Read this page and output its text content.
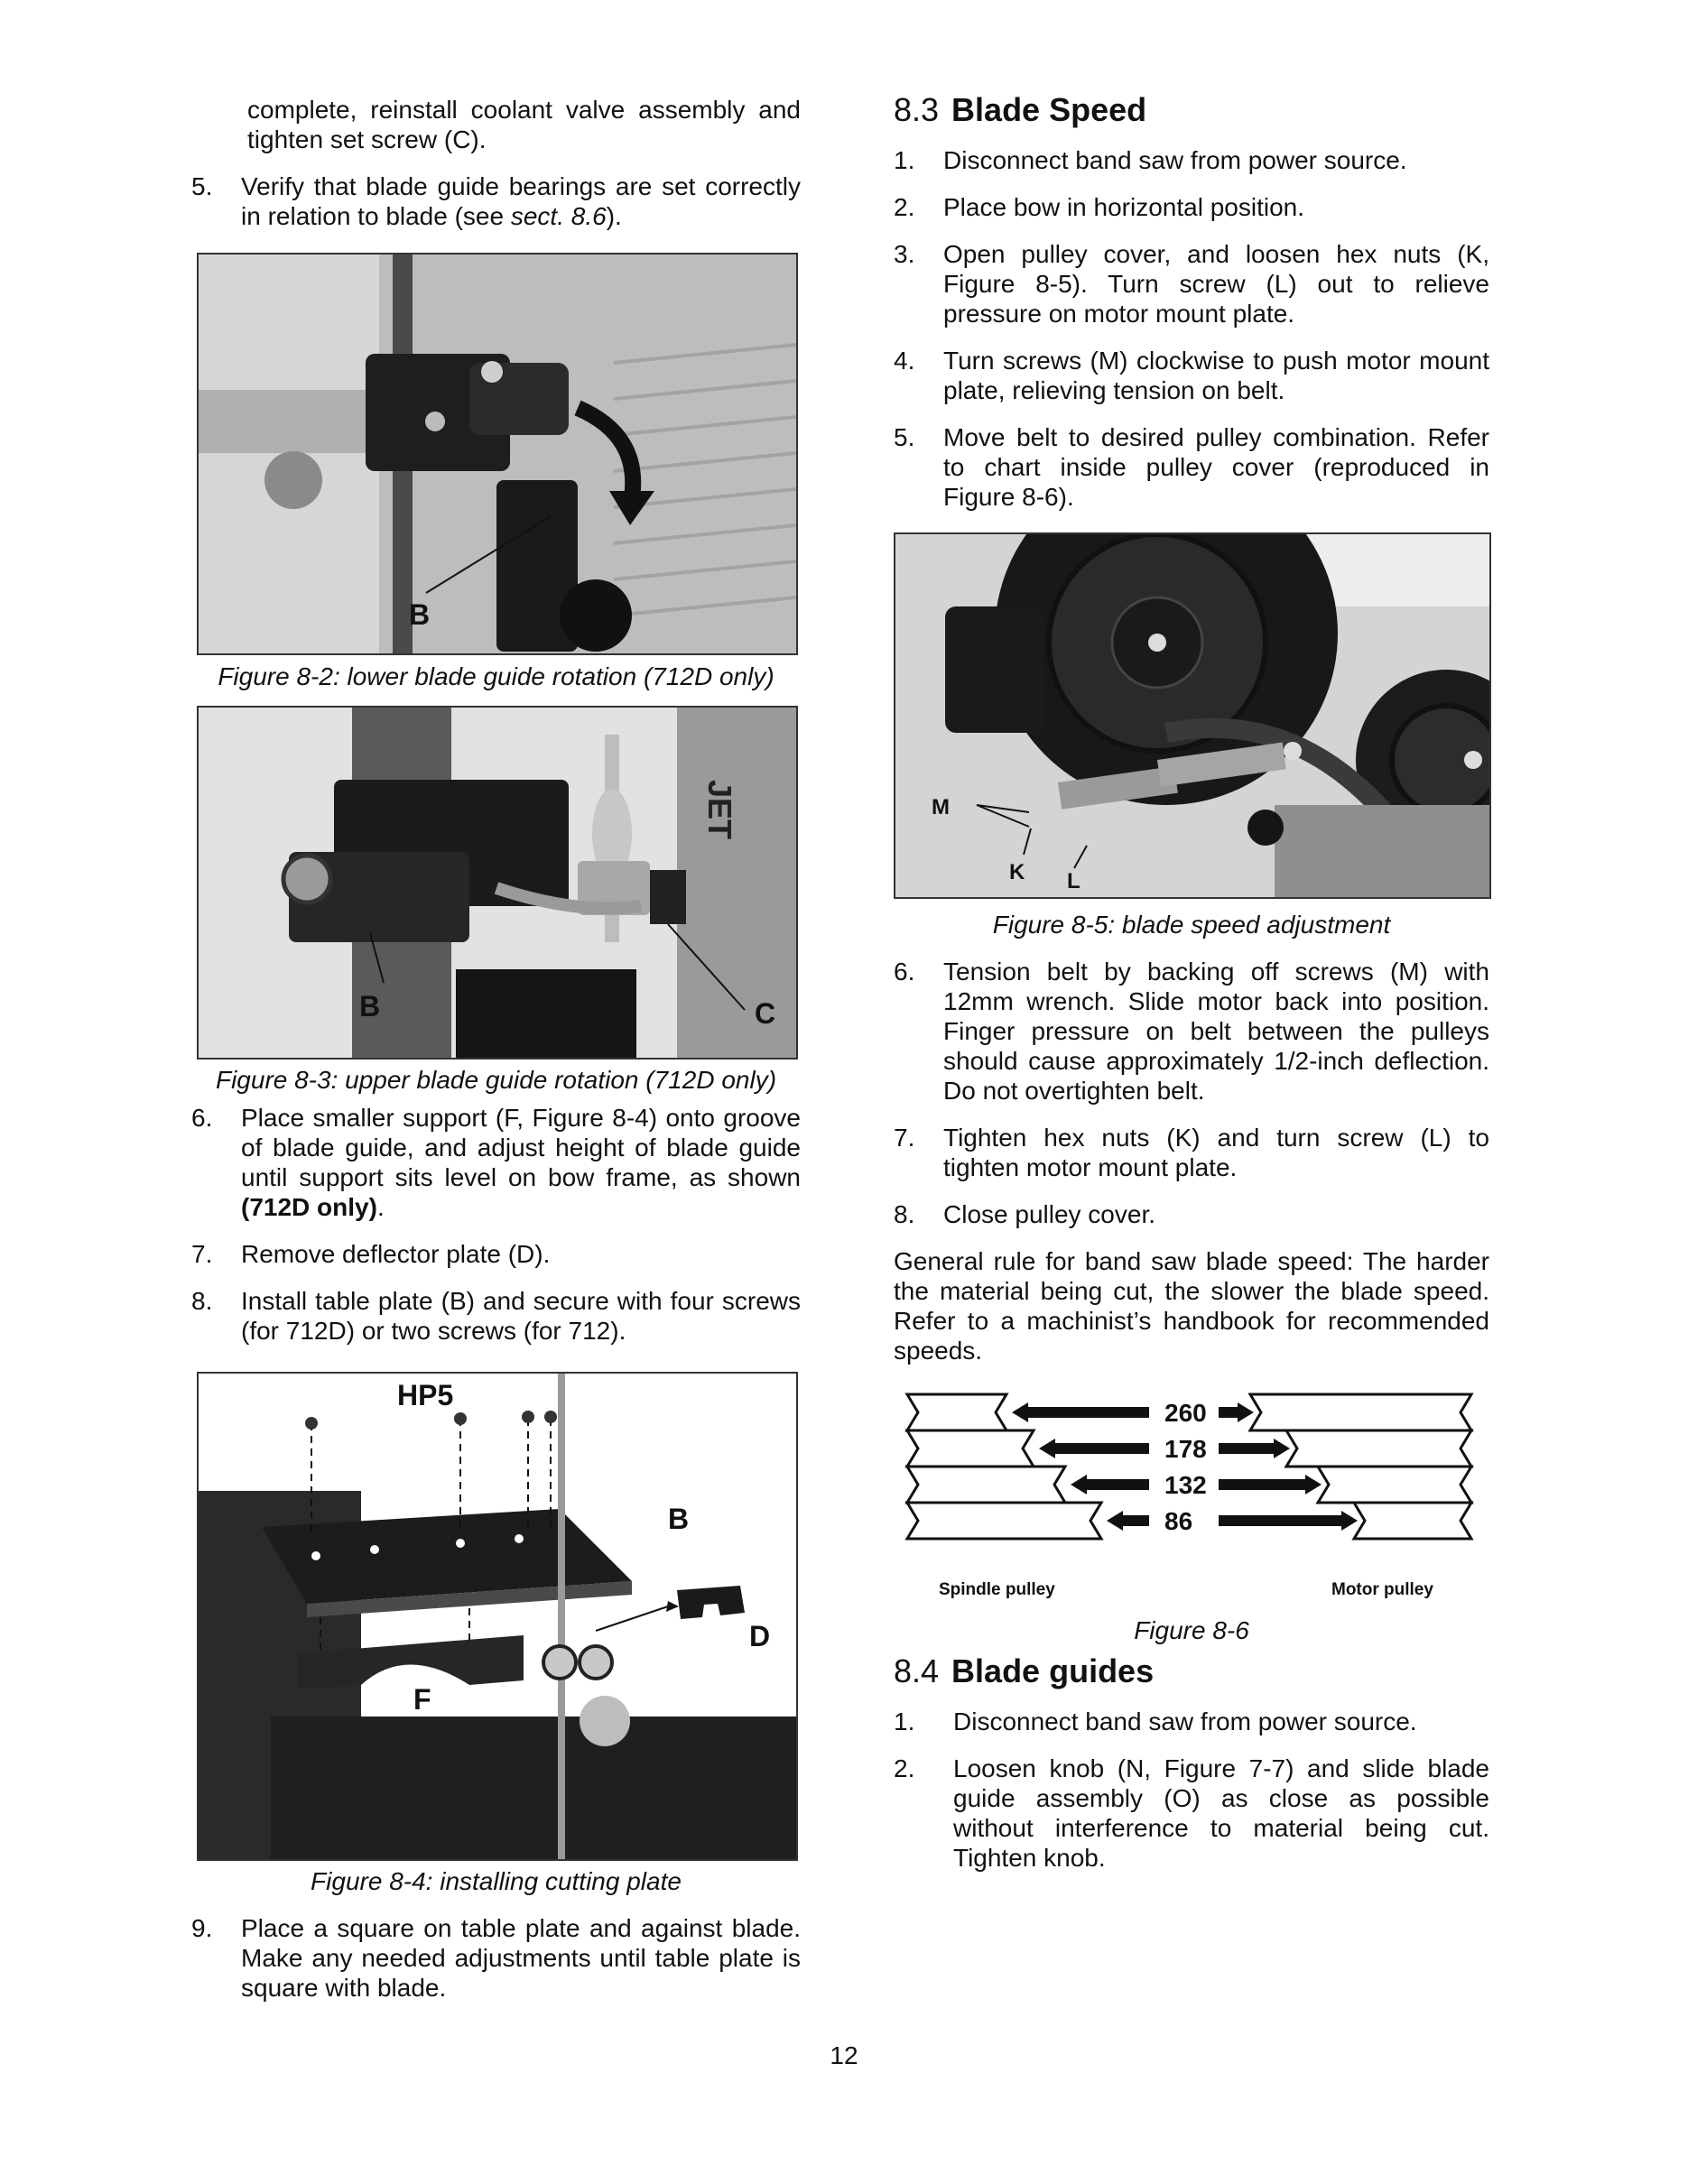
complete, reinstall coolant valve assembly and tighten set screw (C).

5.	Verify that blade guide bearings are set correctly in relation to blade (see sect. 8.6).
B
Figure 8-2: lower blade guide rotation (712D only)
JET
B	C
Figure 8-3: upper blade guide rotation (712D only)
6.	Place smaller support (F, Figure 8-4) onto groove of blade guide, and adjust height of blade guide until support sits level on bow frame, as shown (712D only).
7.	Remove deflector plate (D).
8.	Install table plate (B) and secure with four screws (for 712D) or two screws (for 712).
HP5
B
D
F
Figure 8-4: installing cutting plate
9.	Place a square on table plate and against blade. Make any needed adjustments until table plate is square with blade.
8.3 Blade Speed
1.	Disconnect band saw from power source.
2.	Place bow in horizontal position.
3.	Open pulley cover, and loosen hex nuts (K, Figure 8-5). Turn screw (L) out to relieve pressure on motor mount plate.
4.	Turn screws (M) clockwise to push motor mount plate, relieving tension on belt.
5.	Move belt to desired pulley combination. Refer to chart inside pulley cover (reproduced in Figure 8-6).
M
K L
Figure 8-5: blade speed adjustment
6.	Tension belt by backing off screws (M) with 12mm wrench. Slide motor back into position. Finger pressure on belt between the pulleys should cause approximately 1/2-inch deflection. Do not overtighten belt.
7.	Tighten hex nuts (K) and turn screw (L) to tighten motor mount plate.
8.	Close pulley cover.

General rule for band saw blade speed: The harder the material being cut, the slower the blade speed. Refer to a machinist’s handbook for recommended speeds.

260
178
132
86
Spindle pulley	Motor pulley
Figure 8-6
8.4 Blade guides
1.	Disconnect band saw from power source.
2.	Loosen knob (N, Figure 7-7) and slide blade guide assembly (O) as close as possible without interference to material being cut. Tighten knob.
12
